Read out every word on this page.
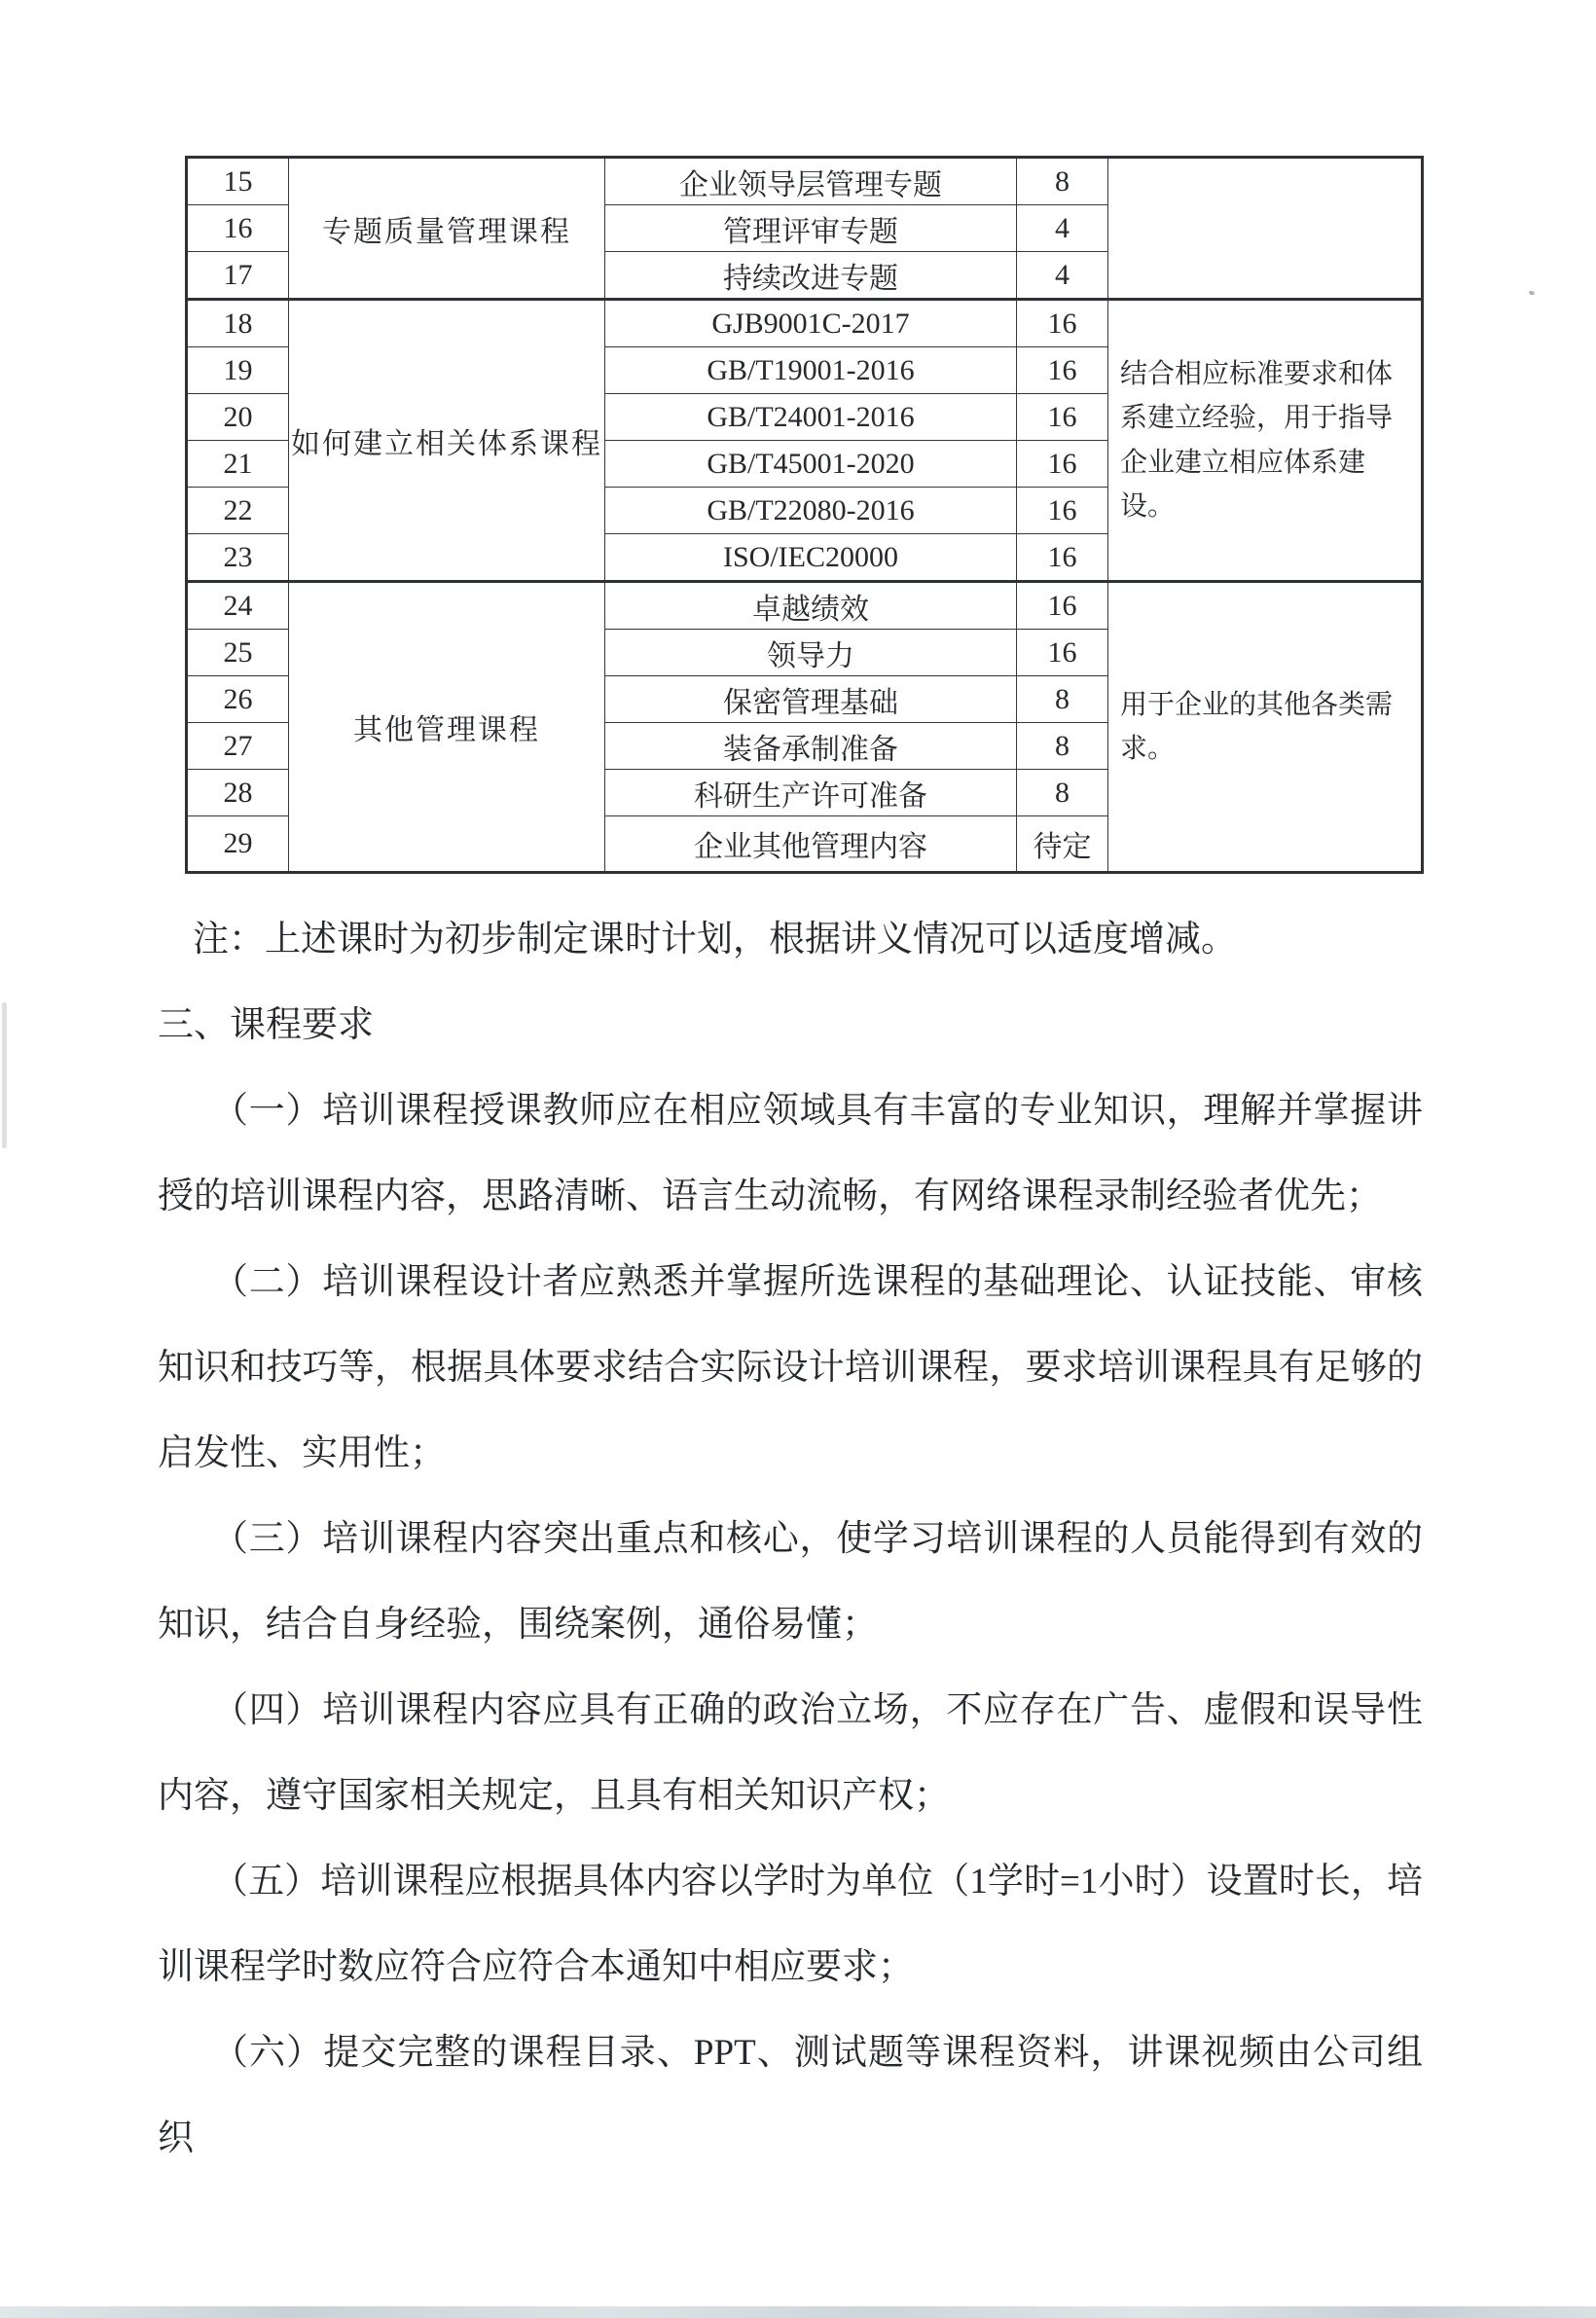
15	专题质量管理课程	企业领导层管理专题	8	
16		管理评审专题	4	
17		持续改进专题	4	
18	如何建立相关体系课程	GJB9001C-2017	16	结合相应标准要求和体系建立经验，用于指导企业建立相应体系建设。
19		GB/T19001-2016	16	
20		GB/T24001-2016	16	
21		GB/T45001-2020	16	
22		GB/T22080-2016	16	
23		ISO/IEC20000	16	
24	其他管理课程	卓越绩效	16	用于企业的其他各类需求。
25		领导力	16	
26		保密管理基础	8	
27		装备承制准备	8	
28		科研生产许可准备	8	
29		企业其他管理内容	待定	

注：上述课时为初步制定课时计划，根据讲义情况可以适度增减。

三、课程要求

（一）培训课程授课教师应在相应领域具有丰富的专业知识，理解并掌握讲授的培训课程内容，思路清晰、语言生动流畅，有网络课程录制经验者优先；

（二）培训课程设计者应熟悉并掌握所选课程的基础理论、认证技能、审核知识和技巧等，根据具体要求结合实际设计培训课程，要求培训课程具有足够的启发性、实用性；

（三）培训课程内容突出重点和核心，使学习培训课程的人员能得到有效的知识，结合自身经验，围绕案例，通俗易懂；

（四）培训课程内容应具有正确的政治立场，不应存在广告、虚假和误导性内容，遵守国家相关规定，且具有相关知识产权；

（五）培训课程应根据具体内容以学时为单位（1学时=1小时）设置时长，培训课程学时数应符合应符合本通知中相应要求；

（六）提交完整的课程目录、PPT、测试题等课程资料，讲课视频由公司组织
